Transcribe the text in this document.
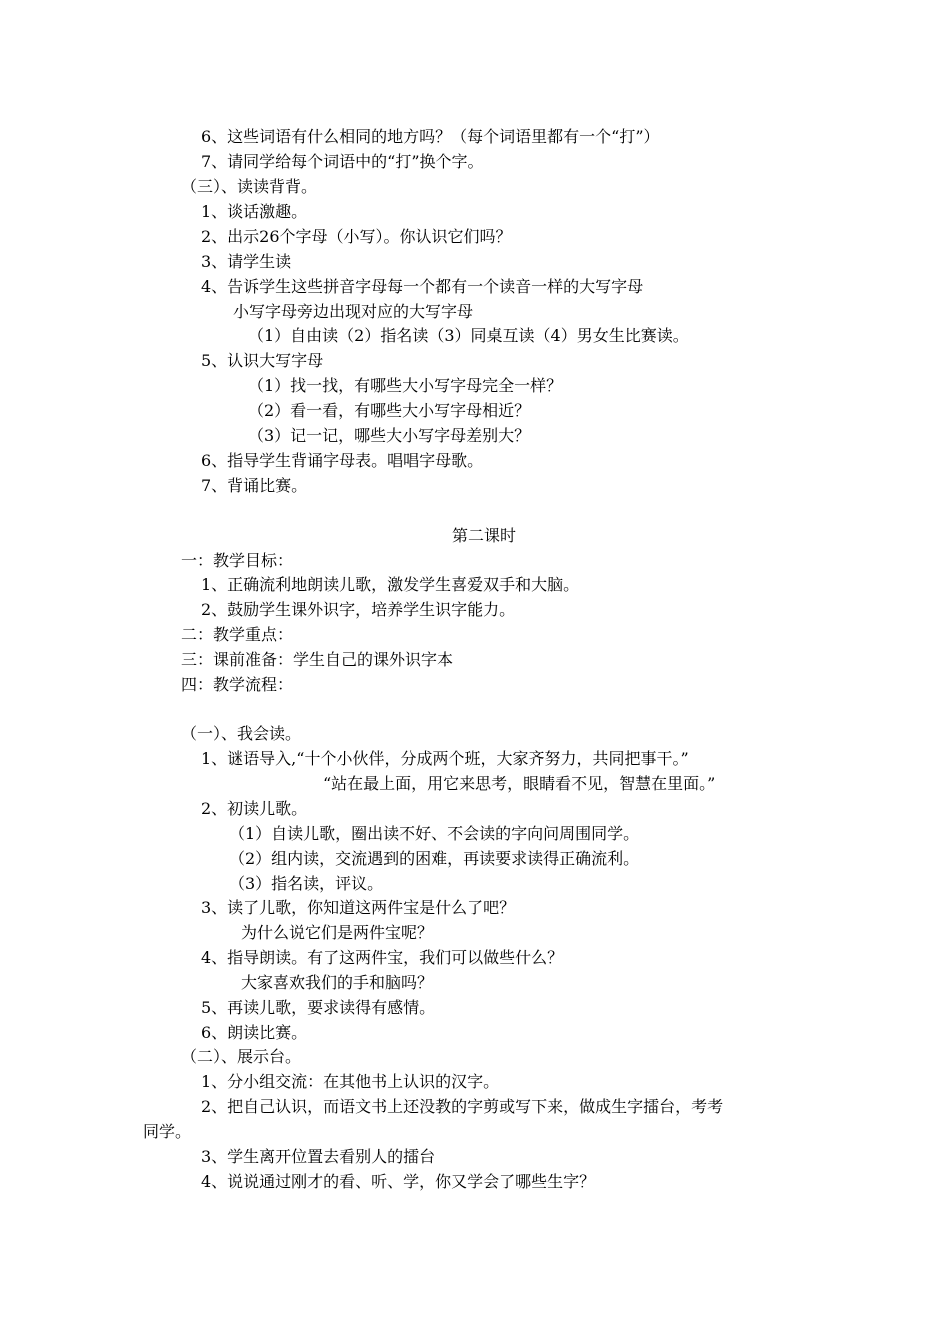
6、这些词语有什么相同的地方吗？（每个词语里都有一个“打”）
7、请同学给每个词语中的“打”换个字。
（三）、读读背背。
1、谈话激趣。
2、出示26个字母（小写）。你认识它们吗？
3、请学生读
4、告诉学生这些拼音字母每一个都有一个读音一样的大写字母
小写字母旁边出现对应的大写字母
（1）自由读（2）指名读（3）同桌互读（4）男女生比赛读。
5、认识大写字母
（1）找一找，有哪些大小写字母完全一样？
（2）看一看，有哪些大小写字母相近？
（3）记一记，哪些大小写字母差别大？
6、指导学生背诵字母表。唱唱字母歌。
7、背诵比赛。
第二课时
一：教学目标：
1、正确流利地朗读儿歌，激发学生喜爱双手和大脑。
2、鼓励学生课外识字，培养学生识字能力。
二：教学重点：
三：课前准备：学生自己的课外识字本
四：教学流程：
（一）、我会读。
1、谜语导入,“十个小伙伴，分成两个班，大家齐努力，共同把事干。”
“站在最上面，用它来思考，眼睛看不见，智慧在里面。”
2、初读儿歌。
（1）自读儿歌，圈出读不好、不会读的字向问周围同学。
（2）组内读，交流遇到的困难，再读要求读得正确流利。
（3）指名读，评议。
3、读了儿歌，你知道这两件宝是什么了吧？
为什么说它们是两件宝呢？
4、指导朗读。有了这两件宝，我们可以做些什么？
大家喜欢我们的手和脑吗？
5、再读儿歌，要求读得有感情。
6、朗读比赛。
（二）、展示台。
1、分小组交流：在其他书上认识的汉字。
2、把自己认识，而语文书上还没教的字剪或写下来，做成生字擂台，考考
同学。
3、学生离开位置去看别人的擂台
4、说说通过刚才的看、听、学，你又学会了哪些生字？
